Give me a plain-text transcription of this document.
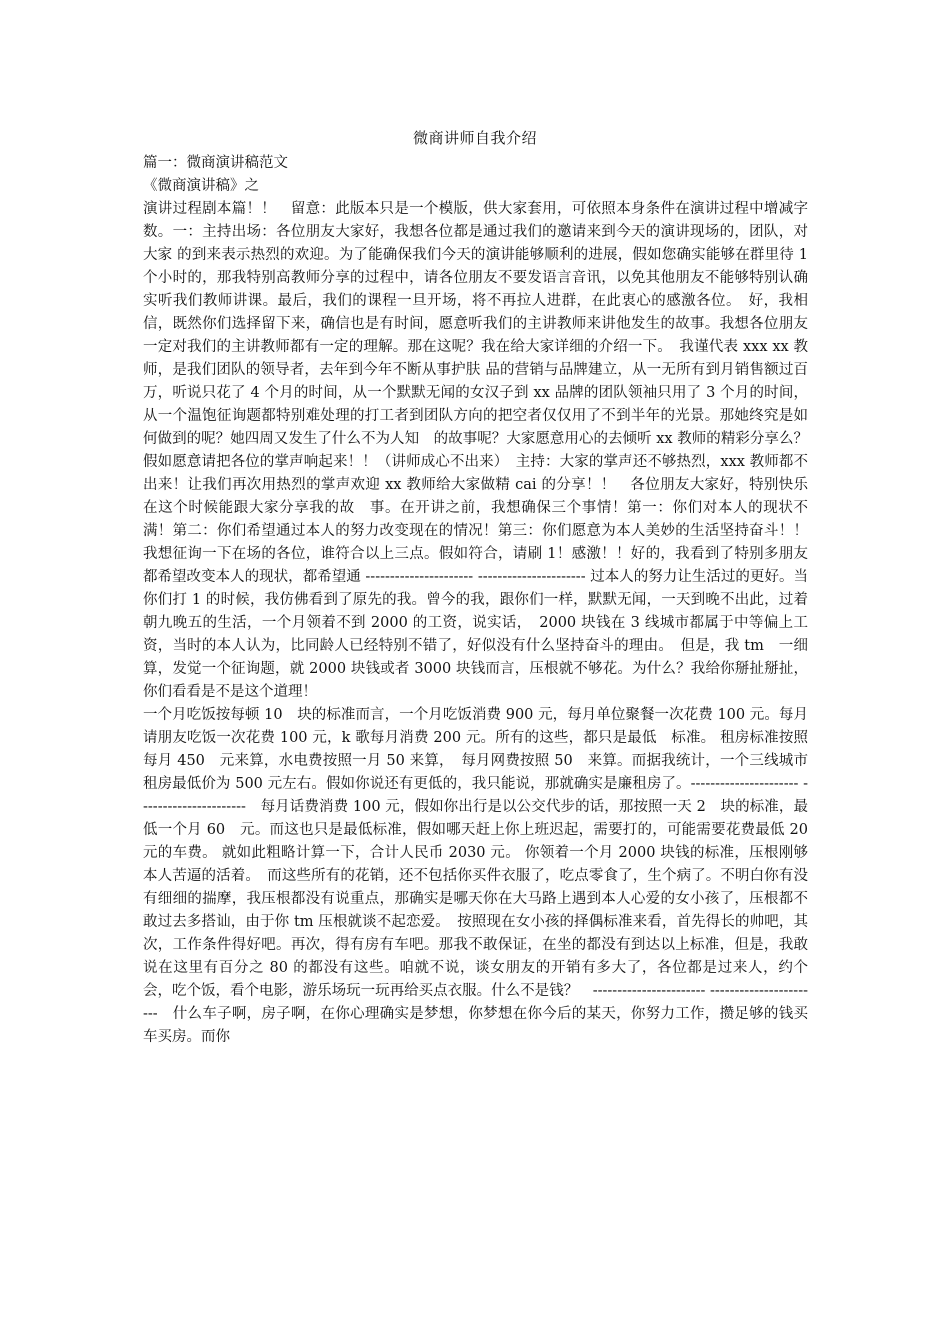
微商讲师自我介绍

篇一：微商演讲稿范文

《微商演讲稿》之

演讲过程剧本篇！！　留意：此版本只是一个模版，供大家套用，可依照本身条件在演讲过程中增减字数。一：主持出场：各位朋友大家好，我想各位都是通过我们的邀请来到今天的演讲现场的，团队，对大家 的到来表示热烈的欢迎。为了能确保我们今天的演讲能够顺利的进展，假如您确实能够在群里待 1 个小时的，那我特别高教师分享的过程中，请各位朋友不要发语言音讯，以免其他朋友不能够特别认确实听我们教师讲课。最后，我们的课程一旦开场，将不再拉人进群，在此衷心的感激各位。　好，我相信，既然你们选择留下来，确信也是有时间，愿意听我们的主讲教师来讲他发生的故事。我想各位朋友一定对我们的主讲教师都有一定的理解。那在这呢？我在给大家详细的介绍一下。　我谨代表 xxx xx 教师，是我们团队的领导者，去年到今年不断从事护肤 品的营销与品牌建立，从一无所有到月销售额过百万，听说只花了 4 个月的时间，从一个默默无闻的女汉子到 xx 品牌的团队领袖只用了 3 个月的时间，从一个温饱征询题都特别难处理的打工者到团队方向的把空者仅仅用了不到半年的光景。那她终究是如何做到的呢？她四周又发生了什么不为人知　的故事呢？大家愿意用心的去倾听 xx 教师的精彩分享么？　假如愿意请把各位的掌声响起来！！（讲师成心不出来）　主持：大家的掌声还不够热烈，xxx 教师都不出来！让我们再次用热烈的掌声欢迎 xx 教师给大家做精 cai 的分享！！　各位朋友大家好，特别快乐在这个时候能跟大家分享我的故　事。在开讲之前，我想确保三个事情！第一：你们对本人的现状不满！第二：你们希望通过本人的努力改变现在的情况！第三：你们愿意为本人美妙的生活坚持奋斗！！　我想征询一下在场的各位，谁符合以上三点。假如符合，请刷 1！感激！！好的，我看到了特别多朋友都希望改变本人的现状，都希望通 ---------------------- ---------------------- 过本人的努力让生活过的更好。当你们打 1 的时候，我仿佛看到了原先的我。曾今的我，跟你们一样，默默无闻，一天到晚不出此，过着朝九晚五的生活，一个月领着不到 2000 的工资，说实话，　2000 块钱在 3 线城市都属于中等偏上工资，当时的本人认为，比同龄人已经特别不错了，好似没有什么坚持奋斗的理由。　但是，我 tm　一细算，发觉一个征询题，就 2000 块钱或者 3000 块钱而言，压根就不够花。为什么？我给你掰扯掰扯，你们看看是不是这个道理！

一个月吃饭按每顿 10　块的标准而言，一个月吃饭消费 900 元，每月单位聚餐一次花费 100 元。每月请朋友吃饭一次花费 100 元，k 歌每月消费 200 元。所有的这些，都只是最低　标准。 租房标准按照每月 450　元来算，水电费按照一月 50 来算，　每月网费按照 50　来算。而据我统计，一个三线城市租房最低价为 500 元左右。假如你说还有更低的，我只能说，那就确实是廉租房了。---------------------- ----------------------　每月话费消费 100 元，假如你出行是以公交代步的话，那按照一天 2　块的标准，最低一个月 60　元。而这也只是最低标准，假如哪天赶上你上班迟起，需要打的，可能需要花费最低 20 元的车费。 就如此粗略计算一下，合计人民币 2030 元。 你领着一个月 2000 块钱的标准，压根刚够本人苦逼的活着。　而这些所有的花销，还不包括你买件衣服了，吃点零食了，生个病了。不明白你有没有细细的揣摩，我压根都没有说重点，那确实是哪天你在大马路上遇到本人心爱的女小孩了，压根都不敢过去多搭讪，由于你 tm 压根就谈不起恋爱。　按照现在女小孩的择偶标准来看，首先得长的帅吧，其次，工作条件得好吧。再次，得有房有车吧。那我不敢保证，在坐的都没有到达以上标准，但是，我敢说在这里有百分之 80 的都没有这些。咱就不说，谈女朋友的开销有多大了，各位都是过来人，约个会，吃个饭，看个电影，游乐场玩一玩再给买点衣服。什么不是钱？　----------------------- -----------------------　什么车子啊，房子啊，在你心理确实是梦想，你梦想在你今后的某天，你努力工作，攒足够的钱买车买房。而你
